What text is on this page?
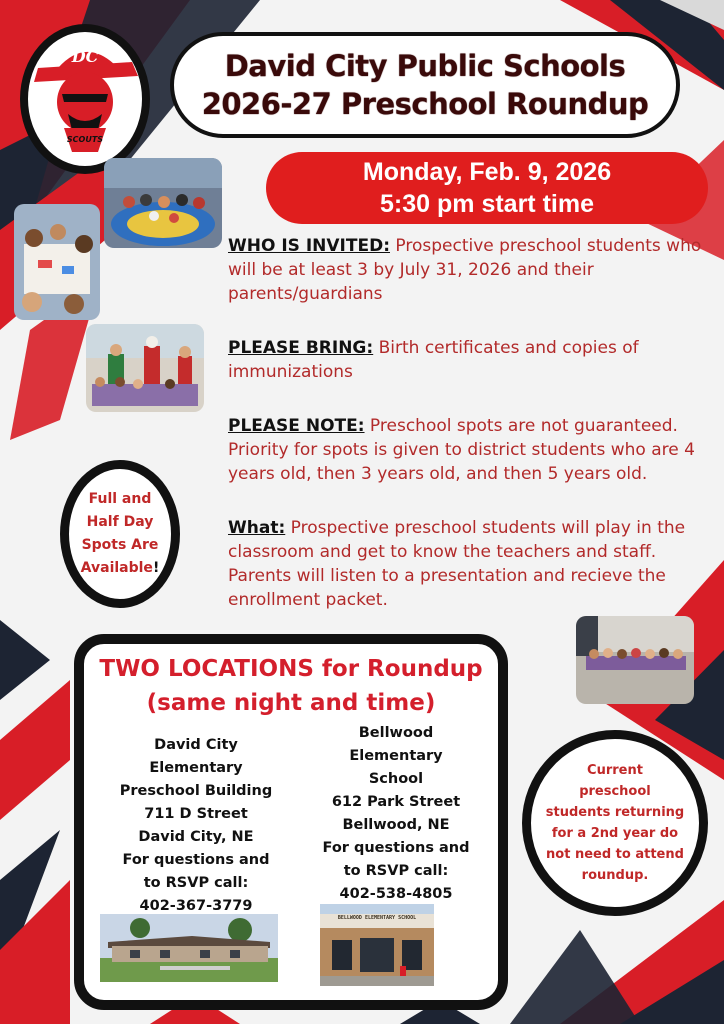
DC
SCOUTS
David City Public Schools
2026-27 Preschool Roundup
Monday, Feb. 9, 2026
5:30 pm start time
WHO IS INVITED: Prospective preschool students who will be at least 3 by July 31, 2026 and their parents/guardians
PLEASE BRING: Birth certificates and copies of immunizations
PLEASE NOTE: Preschool spots are not guaranteed. Priority for spots is given to district students who are 4 years old, then 3 years old, and then 5 years old.
What: Prospective preschool students will play in the classroom and get to know the teachers and staff. Parents will listen to a presentation and recieve the enrollment packet.
Full and
Half Day
Spots Are
Available!
Current
preschool
students returning
for a 2nd year do
not need to attend
roundup.
TWO LOCATIONS for Roundup
(same night and time)
David City
Elementary
Preschool Building
711 D Street
David City, NE
For questions and
to RSVP call:
402-367-3779
Bellwood
Elementary
School
612 Park Street
Bellwood, NE
For questions and
to RSVP call:
402-538-4805
BELLWOOD ELEMENTARY SCHOOL
